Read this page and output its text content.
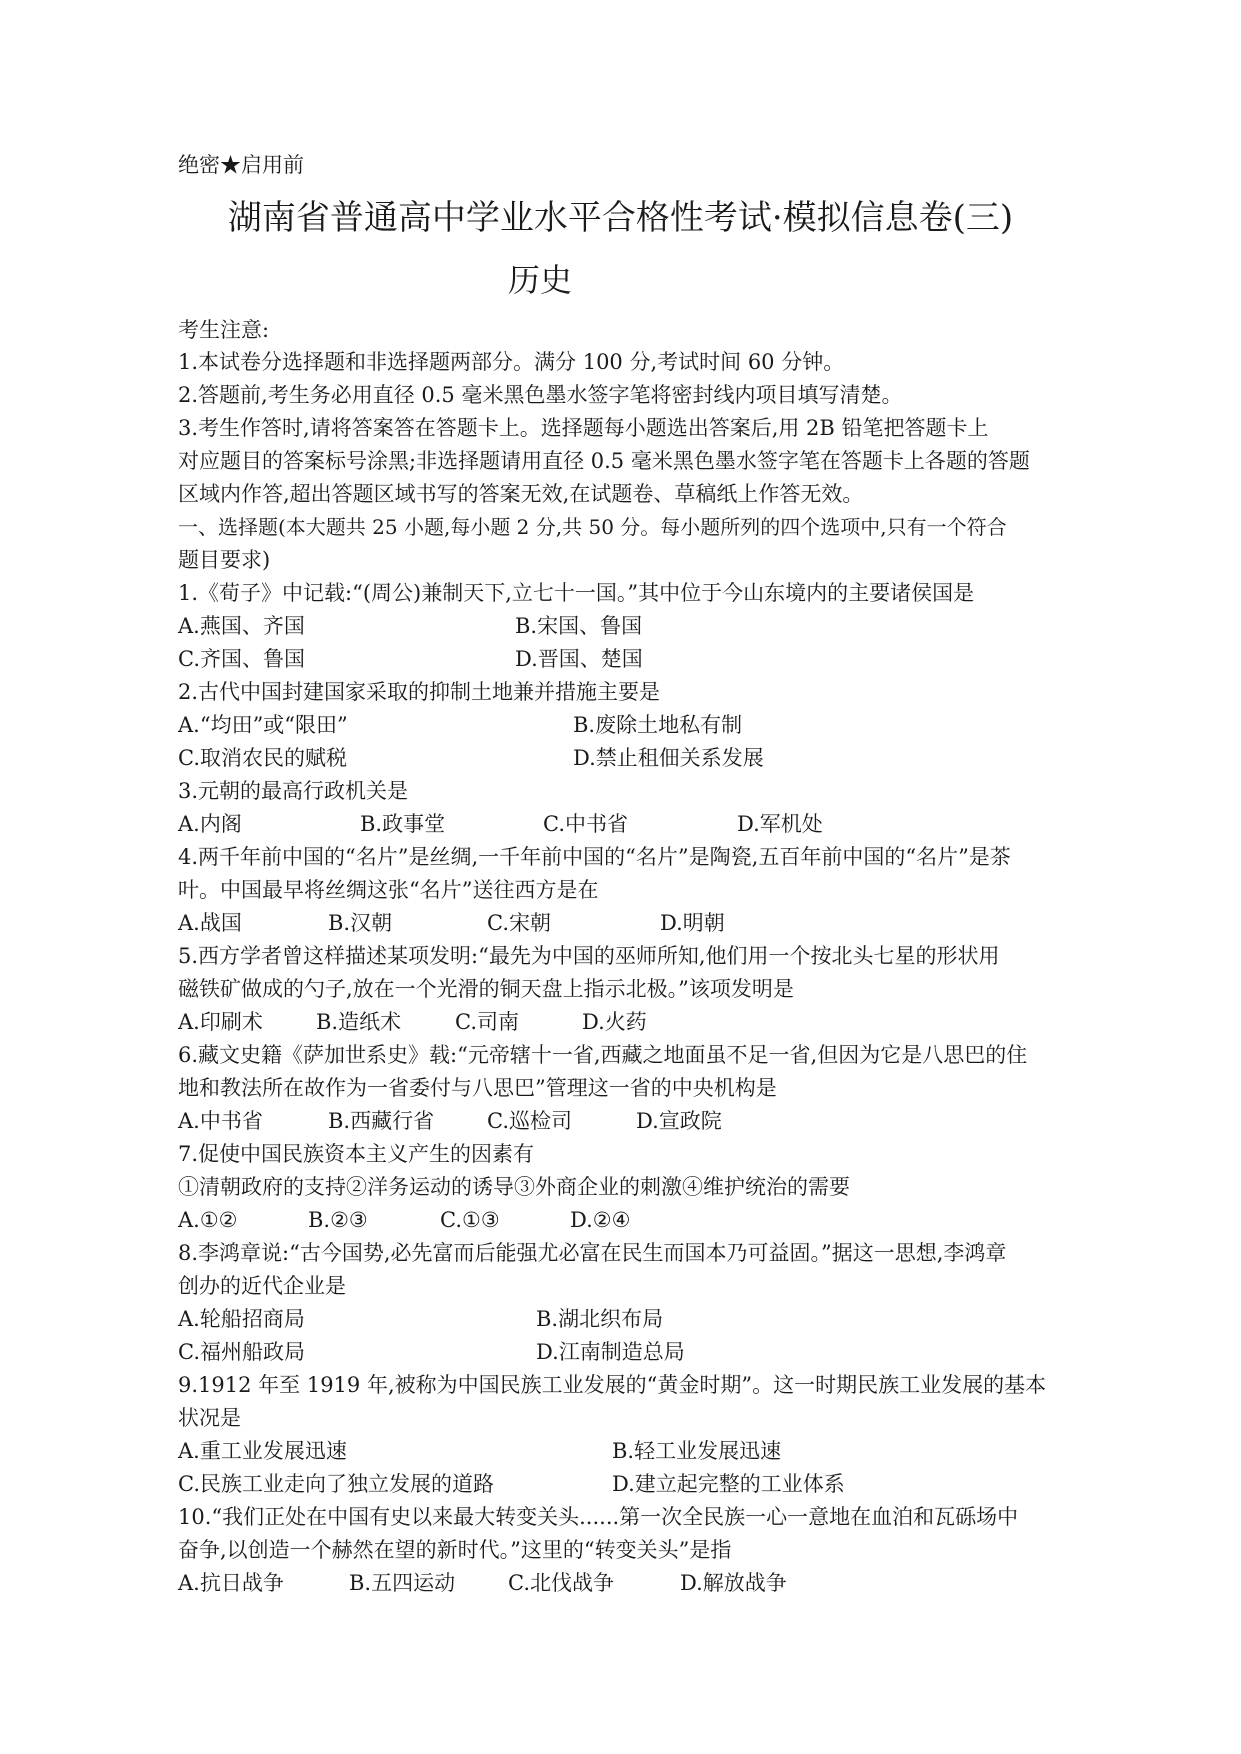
绝密★启用前
湖南省普通高中学业水平合格性考试·模拟信息卷(三)
历史
考生注意:
1.本试卷分选择题和非选择题两部分。满分 100 分,考试时间 60 分钟。
2.答题前,考生务必用直径 0.5 毫米黑色墨水签字笔将密封线内项目填写清楚。
3.考生作答时,请将答案答在答题卡上。选择题每小题选出答案后,用 2B 铅笔把答题卡上
对应题目的答案标号涂黑;非选择题请用直径 0.5 毫米黑色墨水签字笔在答题卡上各题的答题
区域内作答,超出答题区域书写的答案无效,在试题卷、草稿纸上作答无效。
一、选择题(本大题共 25 小题,每小题 2 分,共 50 分。每小题所列的四个选项中,只有一个符合
题目要求)
1.《荀子》中记载:“(周公)兼制天下,立七十一国。”其中位于今山东境内的主要诸侯国是
A.燕国、齐国	B.宋国、鲁国
C.齐国、鲁国	D.晋国、楚国
2.古代中国封建国家采取的抑制土地兼并措施主要是
A.“均田”或“限田”	B.废除土地私有制
C.取消农民的赋税	D.禁止租佃关系发展
3.元朝的最高行政机关是
A.内阁	B.政事堂	C.中书省	D.军机处
4.两千年前中国的“名片”是丝绸,一千年前中国的“名片”是陶瓷,五百年前中国的“名片”是茶
叶。中国最早将丝绸这张“名片”送往西方是在
A.战国	B.汉朝	C.宋朝	D.明朝
5.西方学者曾这样描述某项发明:“最先为中国的巫师所知,他们用一个按北头七星的形状用
磁铁矿做成的勺子,放在一个光滑的铜天盘上指示北极。”该项发明是
A.印刷术	B.造纸术	C.司南	D.火药
6.藏文史籍《萨加世系史》载:“元帝辖十一省,西藏之地面虽不足一省,但因为它是八思巴的住
地和教法所在故作为一省委付与八思巴”管理这一省的中央机构是
A.中书省	B.西藏行省	C.巡检司	D.宣政院
7.促使中国民族资本主义产生的因素有
①清朝政府的支持②洋务运动的诱导③外商企业的刺激④维护统治的需要
A.①②	B.②③	C.①③	D.②④
8.李鸿章说:“古今国势,必先富而后能强尤必富在民生而国本乃可益固。”据这一思想,李鸿章
创办的近代企业是
A.轮船招商局	B.湖北织布局
C.福州船政局	D.江南制造总局
9.1912 年至 1919 年,被称为中国民族工业发展的“黄金时期”。这一时期民族工业发展的基本
状况是
A.重工业发展迅速	B.轻工业发展迅速
C.民族工业走向了独立发展的道路	D.建立起完整的工业体系
10.“我们正处在中国有史以来最大转变关头......第一次全民族一心一意地在血泊和瓦砾场中
奋争,以创造一个赫然在望的新时代。”这里的“转变关头”是指
A.抗日战争	B.五四运动	C.北伐战争	D.解放战争
